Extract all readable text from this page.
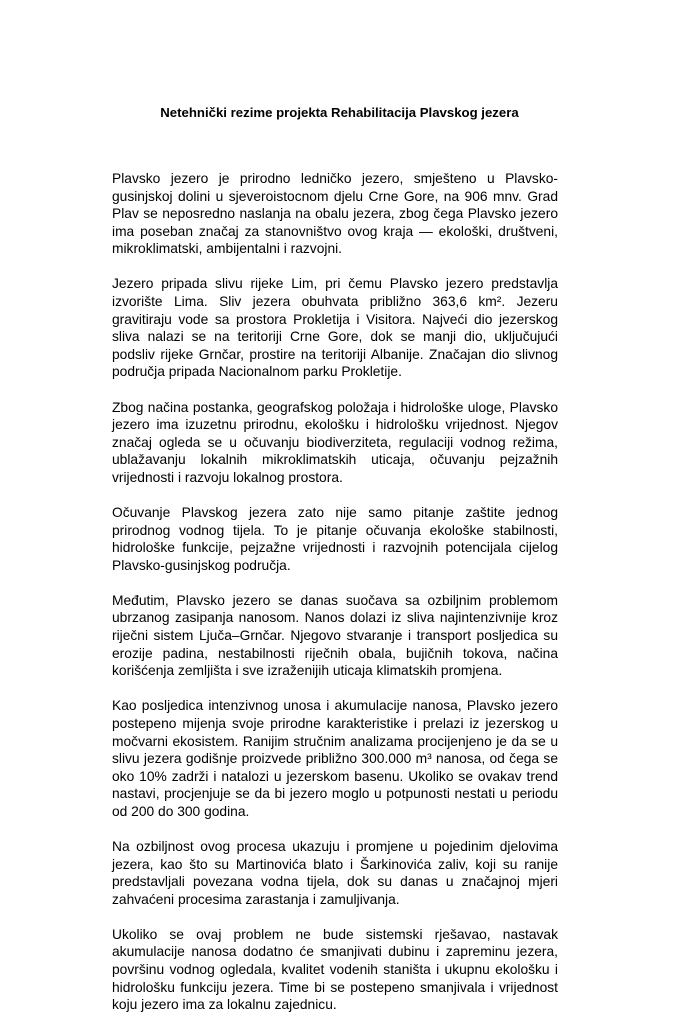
Netehnički rezime projekta Rehabilitacija Plavskog jezera

Plavsko jezero je prirodno ledničko jezero, smješteno u Plavsko-gusinjskoj dolini u sjeveroistocnom djelu Crne Gore, na 906 mnv. Grad Plav se neposredno naslanja na obalu jezera, zbog čega Plavsko jezero ima poseban značaj za stanovništvo ovog kraja — ekološki, društveni, mikroklimatski, ambijentalni i razvojni.

Jezero pripada slivu rijeke Lim, pri čemu Plavsko jezero predstavlja izvorište Lima. Sliv jezera obuhvata približno 363,6 km². Jezeru gravitiraju vode sa prostora Prokletija i Visitora. Najveći dio jezerskog sliva nalazi se na teritoriji Crne Gore, dok se manji dio, uključujući podsliv rijeke Grnčar, prostire na teritoriji Albanije. Značajan dio slivnog područja pripada Nacionalnom parku Prokletije.

Zbog načina postanka, geografskog položaja i hidrološke uloge, Plavsko jezero ima izuzetnu prirodnu, ekološku i hidrološku vrijednost. Njegov značaj ogleda se u očuvanju biodiverziteta, regulaciji vodnog režima, ublažavanju lokalnih mikroklimatskih uticaja, očuvanju pejzažnih vrijednosti i razvoju lokalnog prostora.

Očuvanje Plavskog jezera zato nije samo pitanje zaštite jednog prirodnog vodnog tijela. To je pitanje očuvanja ekološke stabilnosti, hidrološke funkcije, pejzažne vrijednosti i razvojnih potencijala cijelog Plavsko-gusinjskog područja.

Međutim, Plavsko jezero se danas suočava sa ozbiljnim problemom ubrzanog zasipanja nanosom. Nanos dolazi iz sliva najintenzivnije kroz riječni sistem Ljuča–Grnčar. Njegovo stvaranje i transport posljedica su erozije padina, nestabilnosti riječnih obala, bujičnih tokova, načina korišćenja zemljišta i sve izraženijih uticaja klimatskih promjena.

Kao posljedica intenzivnog unosa i akumulacije nanosa, Plavsko jezero postepeno mijenja svoje prirodne karakteristike i prelazi iz jezerskog u močvarni ekosistem. Ranijim stručnim analizama procijenjeno je da se u slivu jezera godišnje proizvede približno 300.000 m³ nanosa, od čega se oko 10% zadrži i natalozi u jezerskom basenu. Ukoliko se ovakav trend nastavi, procjenjuje se da bi jezero moglo u potpunosti nestati u periodu od 200 do 300 godina.

Na ozbiljnost ovog procesa ukazuju i promjene u pojedinim djelovima jezera, kao što su Martinovića blato i Šarkinovića zaliv, koji su ranije predstavljali povezana vodna tijela, dok su danas u značajnoj mjeri zahvaćeni procesima zarastanja i zamuljivanja.

Ukoliko se ovaj problem ne bude sistemski rješavao, nastavak akumulacije nanosa dodatno će smanjivati dubinu i zapreminu jezera, površinu vodnog ogledala, kvalitet vodenih staništa i ukupnu ekološku i hidrološku funkciju jezera. Time bi se postepeno smanjivala i vrijednost koju jezero ima za lokalnu zajednicu.
